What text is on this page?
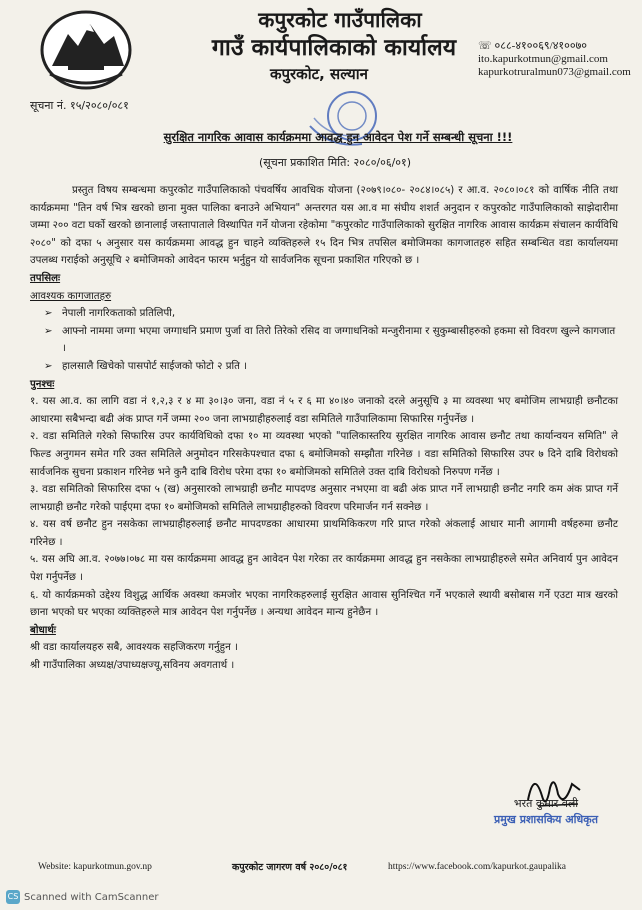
कपुरकोट गाउँपालिका
गाउँ कार्यपालिकाको कार्यालय
कपुरकोट, सल्यान
☏ ०८८-४१००६९/४१००७०
ito.kapurkotmun@gmail.com
kapurkotruralmun073@gmail.com
सूचना नं. १५/२०८०/०८१
सुरक्षित नागरिक आवास कार्यक्रममा आवद्ध हुन आवेदन पेश गर्ने सम्बन्धी सूचना !!!
(सूचना प्रकाशित मिति: २०८०/०६/०१)

प्रस्तुत विषय सम्बन्धमा कपुरकोट गाउँपालिकाको पंचवर्षिय आवधिक योजना (२०७९।०८०- २०८४।०८५) र आ.व. २०८०।०८१ को वार्षिक नीति तथा कार्यक्रममा "तिन वर्ष भित्र खरको छाना मुक्त पालिका बनाउने अभियान" अन्तरगत यस आ.व मा संघीय शशर्त अनुदान र कपुरकोट गाउँपालिकाको साझेदारीमा जम्मा २०० वटा घर्को खरको छानालाई जस्तापाताले विस्थापित गर्ने योजना रहेकोमा "कपुरकोट गाउँपालिकाको सुरक्षित नागरिक आवास कार्यक्रम संचालन कार्यविधि २०८०" को दफा ५ अनुसार यस कार्यक्रममा आवद्ध हुन चाहने व्यक्तिहरुले १५ दिन भित्र तपसिल बमोजिमका कागजातहरु सहित सम्बन्धित वडा कार्यालयमा उपलब्ध गराईको अनुसूचि २ बमोजिमको आवेदन फारम भर्नुहुन यो सार्वजनिक सूचना प्रकाशित गरिएको छ ।

तपसिलः
आवश्यक कागजातहरु
➢ नेपाली नागरिकताको प्रतिलिपी,
➢ आफ्नो नाममा जग्गा भएमा जग्गाधनि प्रमाण पुर्जा वा तिरो तिरेको रसिद वा जग्गाधनिको मन्जुरीनामा र सुकुम्बासीहरुको हकमा सो विवरण खुल्ने कागजात ।
➢ हालसालै खिचेको पासपोर्ट साईजको फोटो २ प्रति ।
पुनश्चः

१. यस आ.व. का लागि वडा नं १,२,३ र ४ मा ३०।३० जना, वडा नं ५ र ६ मा ४०।४० जनाको दरले अनुसूचि ३ मा व्यवस्था भए बमोजिम लाभग्राही छनौटका आधारमा सबैभन्दा बढी अंक प्राप्त गर्ने जम्मा २०० जना लाभग्राहीहरुलाई वडा समितिले गाउँपालिकामा सिफारिस गर्नुपर्नेछ ।

२. वडा समितिले गरेको सिफारिस उपर कार्यविधिको दफा १० मा व्यवस्था भएको "पालिकास्तरिय सुरक्षित नागरिक आवास छनौट तथा कार्यान्वयन समिति" ले फिल्ड अनुगमन समेत गरि उक्त समितिले अनुमोदन गरिसकेपश्चात दफा ६ बमोजिमको सम्झौता गरिनेछ । वडा समितिको सिफारिस उपर ७ दिने दाबि विरोधको सार्वजनिक सुचना प्रकाशन गरिनेछ भने कुनै दाबि विरोध परेमा दफा १० बमोजिमको समितिले उक्त दाबि विरोधको निरुपण गर्नेछ ।

३. वडा समितिको सिफारिस दफा ५ (ख) अनुसारको लाभग्राही छनौट मापदण्ड अनुसार नभएमा वा बढी अंक प्राप्त गर्ने लाभग्राही छनौट नगरि कम अंक प्राप्त गर्ने लाभग्राही छनौट गरेको पाईएमा दफा १० बमोजिमको समितिले लाभग्राहीहरुको विवरण परिमार्जन गर्न सक्नेछ ।

४. यस वर्ष छनौट हुन नसकेका लाभग्राहीहरुलाई छनौट मापदण्डका आधारमा प्राथमिकिकरण गरि प्राप्त गरेको अंकलाई आधार मानी आगामी वर्षहरुमा छनौट गरिनेछ ।

५. यस अघि आ.व. २०७७।०७८ मा यस कार्यक्रममा आवद्ध हुन आवेदन पेश गरेका तर कार्यक्रममा आवद्ध हुन नसकेका लाभग्राहीहरुले समेत अनिवार्य पुन आवेदन पेश गर्नुपर्नेछ ।

६. यो कार्यक्रमको उद्देश्य विशुद्ध आर्थिक अवस्था कमजोर भएका नागरिकहरुलाई सुरक्षित आवास सुनिश्चित गर्ने भएकाले स्थायी बसोबास गर्ने एउटा मात्र खरको छाना भएको घर भएका व्यक्तिहरुले मात्र आवेदन पेश गर्नुपर्नेछ । अन्यथा आवेदन मान्य हुनेछैन ।

बोधार्थः
श्री वडा कार्यालयहरु सबै, आवश्यक सहजिकरण गर्नुहुन ।
श्री गाउँपालिका अध्यक्ष/उपाध्यक्षज्यू,सविनय अवगतार्थ ।
भरत कुमार वली
प्रमुख प्रशासकिय अधिकृत
Website: kapurkotmun.gov.np	कपुरकोट जागरण वर्ष २०८०/०८१	https://www.facebook.com/kapurkot.gaupalika
CS Scanned with CamScanner
